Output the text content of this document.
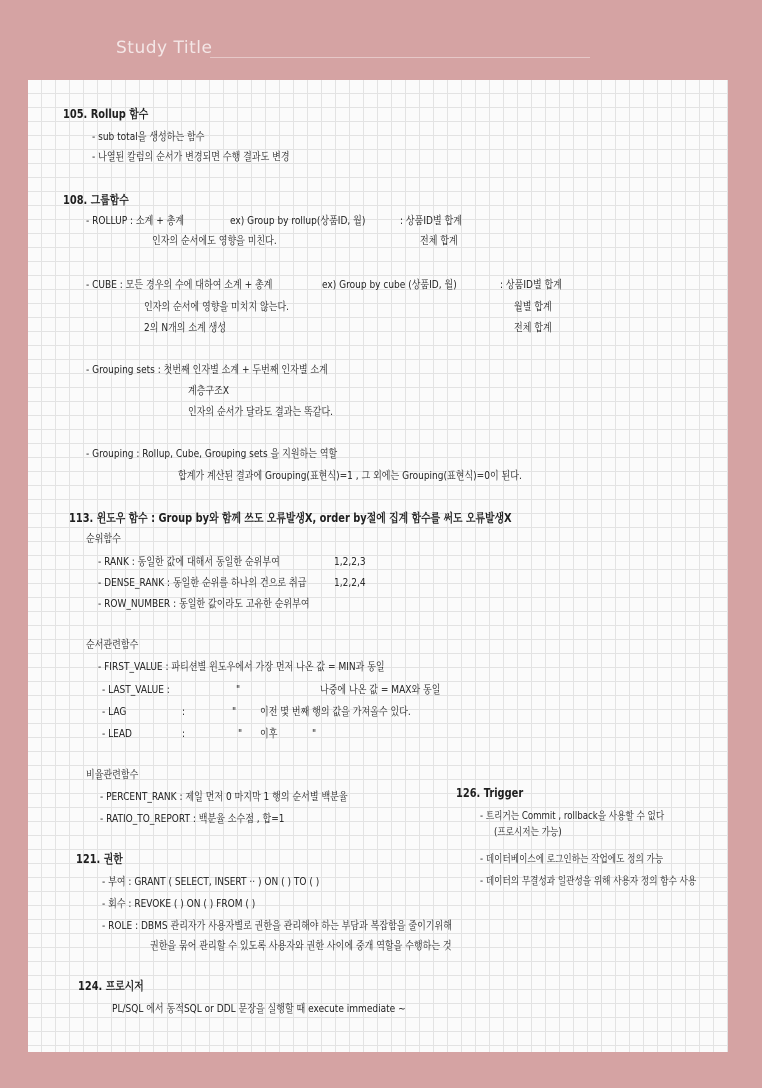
Study Title
105. Rollup 함수
- sub total을 생성하는 함수
- 나열된 칼럼의 순서가 변경되면 수행 결과도 변경
108. 그룹함수
- ROLLUP : 소계 + 총계	ex) Group by rollup(상품ID, 월)	: 상품ID별 합계
인자의 순서에도 영향을 미친다.	전체 합계
- CUBE : 모든 경우의 수에 대하여 소계 + 총계	ex) Group by cube (상품ID, 월)	: 상품ID별 합계
인자의 순서에 영향을 미치지 않는다.	월별 합계
2의 N개의 소계 생성	전체 합계
- Grouping sets : 첫번째 인자별 소계 + 두번째 인자별 소계
계층구조X
인자의 순서가 달라도 결과는 똑같다.
- Grouping : Rollup, Cube, Grouping sets 을 지원하는 역할
합계가 계산된 결과에 Grouping(표현식)=1 , 그 외에는 Grouping(표현식)=0이 된다.
113. 윈도우 함수 : Group by와 함께 쓰도 오류발생X, order by절에 집계 함수를 써도 오류발생X
순위함수
- RANK : 동일한 값에 대해서 동일한 순위부여	1,2,2,3
- DENSE_RANK : 동일한 순위를 하나의 건으로 취급	1,2,2,4
- ROW_NUMBER : 동일한 값이라도 고유한 순위부여
순서관련함수
- FIRST_VALUE : 파티션별 윈도우에서 가장 먼저 나온 값 = MIN과 동일
- LAST_VALUE :	"	나중에 나온 값 = MAX와 동일
- LAG	:	" 이전 몇 번째 행의 값을 가져올수 있다.
- LEAD	:	" 이후	"
비율관련함수
- PERCENT_RANK : 제일 먼저 0 마지막 1 행의 순서별 백분율
- RATIO_TO_REPORT : 백분율 소수점 , 합=1
126. Trigger
- 트리거는 Commit , rollback을 사용할 수 없다
(프로시저는 가능)
- 데이터베이스에 로그인하는 작업에도 정의 가능
- 데이터의 무결성과 일관성을 위해 사용자 정의 함수 사용
121. 권한
- 부여 : GRANT ( SELECT, INSERT ·· ) ON ( ) TO ( )
- 회수 : REVOKE ( ) ON ( ) FROM ( )
- ROLE : DBMS 관리자가 사용자별로 권한을 관리해야 하는 부담과 복잡함을 줄이기위해
권한을 묶어 관리할 수 있도록 사용자와 권한 사이에 중개 역할을 수행하는 것
124. 프로시저
PL/SQL 에서 동적SQL or DDL 문장을 실행할 때 execute immediate ~
